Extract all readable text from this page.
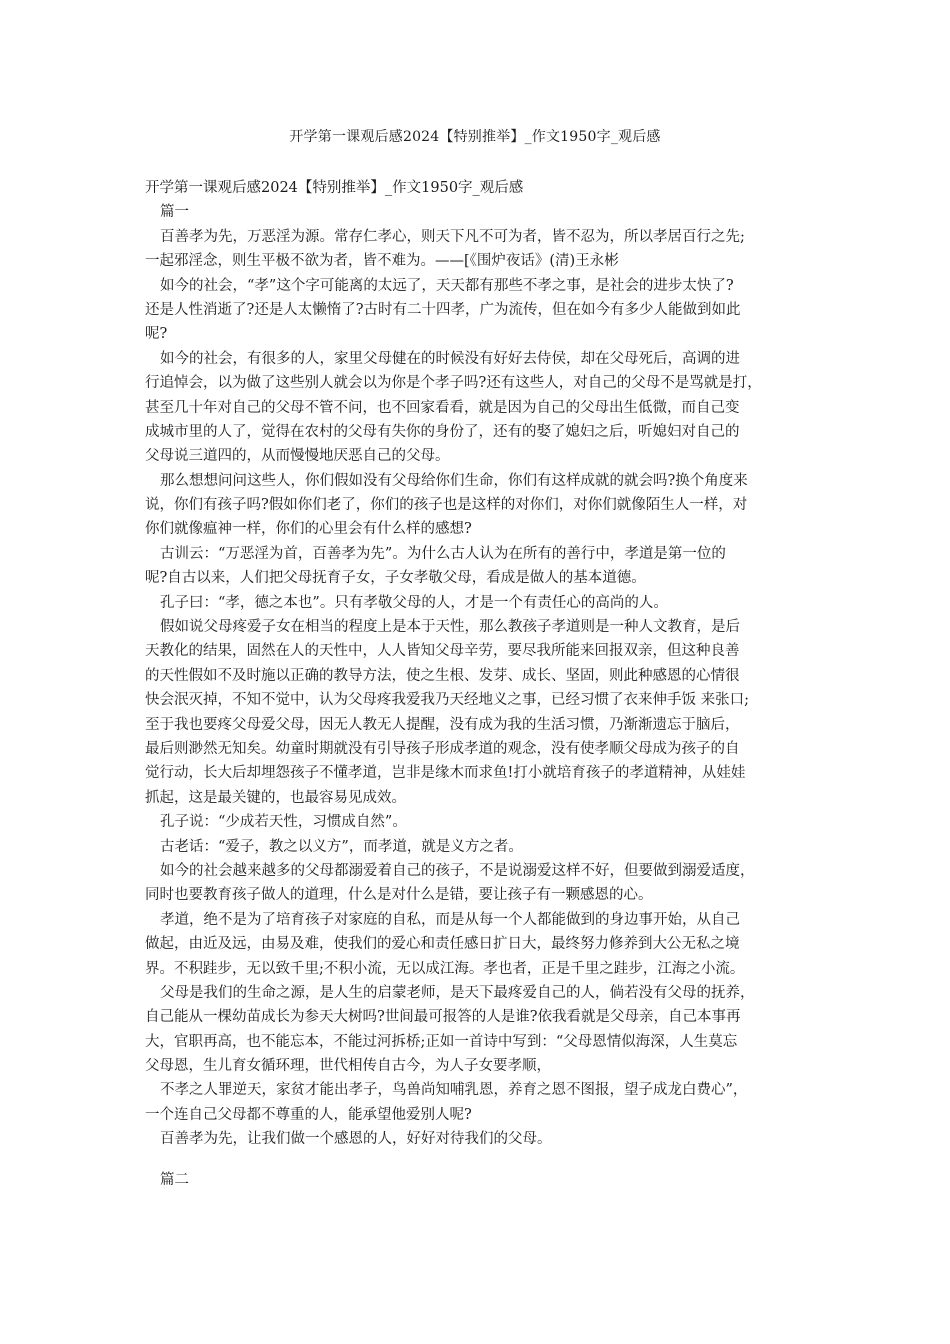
开学第一课观后感2024【特别推举】_作文1950字_观后感
开学第一课观后感2024【特别推举】_作文1950字_观后感
篇一
百善孝为先，万恶淫为源。常存仁孝心，则天下凡不可为者，皆不忍为，所以孝居百行之先;
一起邪淫念，则生平极不欲为者，皆不难为。——[《围炉夜话》(清)王永彬
如今的社会，“孝”这个字可能离的太远了，天天都有那些不孝之事，是社会的进步太快了?
还是人性消逝了?还是人太懒惰了?古时有二十四孝，广为流传，但在如今有多少人能做到如此
呢?
如今的社会，有很多的人，家里父母健在的时候没有好好去侍侯，却在父母死后，高调的进
行追悼会，以为做了这些别人就会以为你是个孝子吗?还有这些人，对自己的父母不是骂就是打，
甚至几十年对自己的父母不管不问，也不回家看看，就是因为自己的父母出生低微，而自己变
成城市里的人了，觉得在农村的父母有失你的身份了，还有的娶了媳妇之后，听媳妇对自己的
父母说三道四的，从而慢慢地厌恶自己的父母。
那么想想问问这些人，你们假如没有父母给你们生命，你们有这样成就的就会吗?换个角度来
说，你们有孩子吗?假如你们老了，你们的孩子也是这样的对你们，对你们就像陌生人一样，对
你们就像瘟神一样，你们的心里会有什么样的感想?
古训云：“万恶淫为首，百善孝为先”。为什么古人认为在所有的善行中，孝道是第一位的
呢?自古以来，人们把父母抚育子女，子女孝敬父母，看成是做人的基本道德。
孔子曰：“孝，德之本也”。只有孝敬父母的人，才是一个有责任心的高尚的人。
假如说父母疼爱子女在相当的程度上是本于天性，那么教孩子孝道则是一种人文教育，是后
天教化的结果，固然在人的天性中，人人皆知父母辛劳，要尽我所能来回报双亲，但这种良善
的天性假如不及时施以正确的教导方法，使之生根、发芽、成长、坚固，则此种感恩的心情很
快会泯灭掉，不知不觉中，认为父母疼我爱我乃天经地义之事，已经习惯了衣来伸手饭 来张口;
至于我也要疼父母爱父母，因无人教无人提醒，没有成为我的生活习惯，乃渐渐遗忘于脑后，
最后则渺然无知矣。幼童时期就没有引导孩子形成孝道的观念，没有使孝顺父母成为孩子的自
觉行动，长大后却埋怨孩子不懂孝道，岂非是缘木而求鱼!打小就培育孩子的孝道精神，从娃娃
抓起，这是最关键的，也最容易见成效。
孔子说：“少成若天性，习惯成自然”。
古老话：“爱子，教之以义方”，而孝道，就是义方之者。
如今的社会越来越多的父母都溺爱着自己的孩子，不是说溺爱这样不好，但要做到溺爱适度，
同时也要教育孩子做人的道理，什么是对什么是错，要让孩子有一颗感恩的心。
孝道，绝不是为了培育孩子对家庭的自私，而是从每一个人都能做到的身边事开始，从自己
做起，由近及远，由易及难，使我们的爱心和责任感日扩日大，最终努力修养到大公无私之境
界。不积跬步，无以致千里;不积小流，无以成江海。孝也者，正是千里之跬步，江海之小流。
父母是我们的生命之源，是人生的启蒙老师，是天下最疼爱自己的人，倘若没有父母的抚养，
自己能从一棵幼苗成长为参天大树吗?世间最可报答的人是谁?依我看就是父母亲，自己本事再
大，官职再高，也不能忘本，不能过河拆桥;正如一首诗中写到：“父母恩情似海深，人生莫忘
父母恩，生儿育女循环理，世代相传自古今，为人子女要孝顺，
不孝之人罪逆天，家贫才能出孝子，鸟兽尚知哺乳恩，养育之恩不图报，望子成龙白费心”，
一个连自己父母都不尊重的人，能承望他爱别人呢?
百善孝为先，让我们做一个感恩的人，好好对待我们的父母。
篇二
